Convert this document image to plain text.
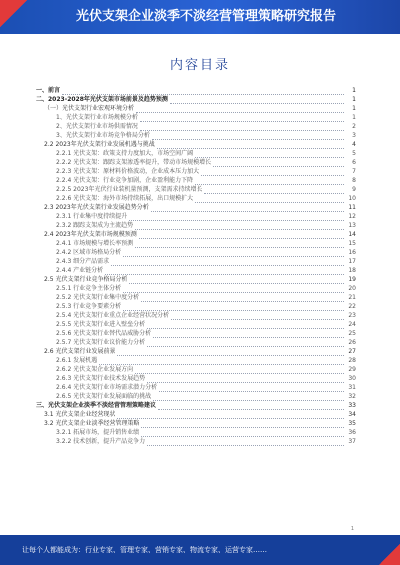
光伏支架企业淡季不淡经营管理策略研究报告
内容目录
一、前言	1
二、2023-2028年光伏支架市场前景及趋势预测	1
（一）光伏支架行业宏观环境分析	1
1、光伏支架行业市场规模分析	1
2、光伏支架行业市场供需情况	2
3、光伏支架行业市场竞争格局分析	3
2.2 2023年光伏支架行业发展机遇与挑战	4
2.2.1 光伏支架：政策支持力度加大，市场空间广阔	5
2.2.2 光伏支架：跟踪支架渗透率提升，带动市场规模增长	6
2.2.3 光伏支架：原材料价格波动，企业成本压力加大	7
2.2.4 光伏支架：行业竞争加剧，企业盈利能力下降	8
2.2.5 2023年光伏行业装机量预测，支架需求持续增长	9
2.2.6 光伏支架：海外市场持续拓展，出口规模扩大	10
2.3 2023年光伏支架行业发展趋势分析	11
2.3.1 行业集中度持续提升	12
2.3.2 跟踪支架成为主流趋势	13
2.4 2023年光伏支架市场规模预测	14
2.4.1 市场规模与增长率预测	15
2.4.2 区域市场格局分析	16
2.4.3 细分产品需求	17
2.4.4 产业链分析	18
2.5 光伏支架行业竞争格局分析	19
2.5.1 行业竞争主体分析	20
2.5.2 光伏支架行业集中度分析	21
2.5.3 行业竞争要素分析	22
2.5.4 光伏支架行业重点企业经营状况分析	23
2.5.5 光伏支架行业进入壁垒分析	24
2.5.6 光伏支架行业替代品威胁分析	25
2.5.7 光伏支架行业议价能力分析	26
2.6 光伏支架行业发展前景	27
2.6.1 发展机遇	28
2.6.2 光伏支架企业发展方向	29
2.6.3 光伏支架行业技术发展趋势	30
2.6.4 光伏支架行业市场需求潜力分析	31
2.6.5 光伏支架行业发展面临的挑战	32
三、光伏支架企业淡季不淡经营管理策略建议	33
3.1 光伏支架企业经营现状	34
3.2 光伏支架企业淡季经营管理策略	35
3.2.1 拓展市场，提升销售业绩	36
3.2.2 技术创新，提升产品竞争力	37
1
让每个人都能成为：行业专家、管理专家、营销专家、物流专家、运营专家……
